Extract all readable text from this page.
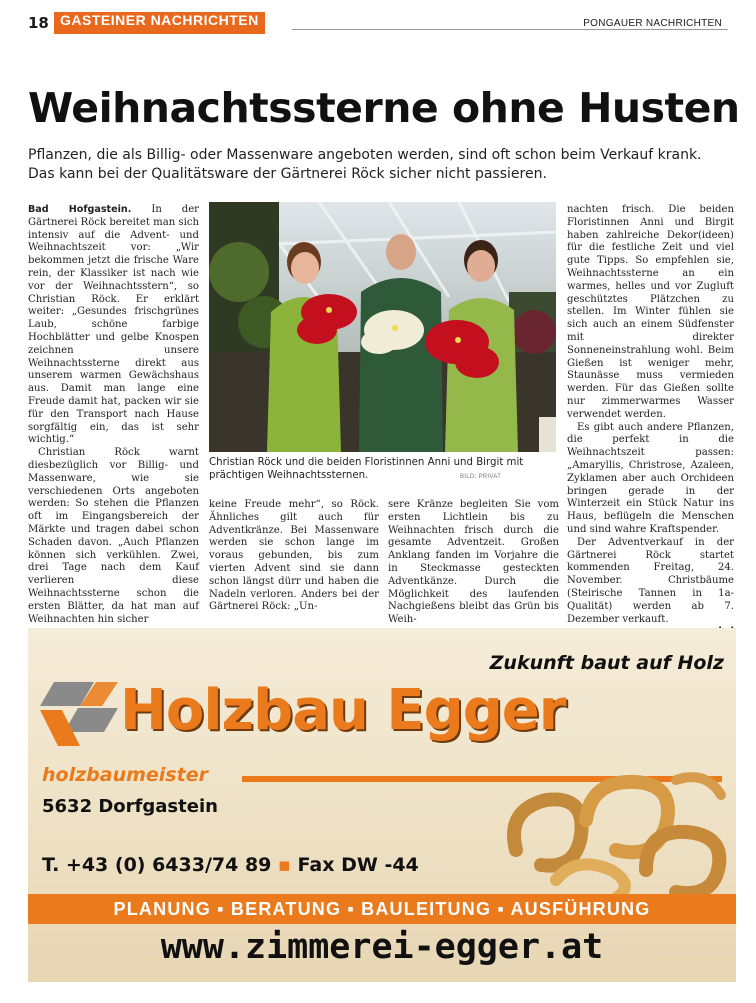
18 GASTEINER NACHRICHTEN	PONGAUER NACHRICHTEN
Weihnachtssterne ohne Husten
Pflanzen, die als Billig- oder Massenware angeboten werden, sind oft schon beim Verkauf krank.
Das kann bei der Qualitätsware der Gärtnerei Röck sicher nicht passieren.

Bad Hofgastein. In der Gärtnerei Röck bereitet man sich intensiv auf die Advent- und Weihnachtszeit vor: „Wir bekommen jetzt die frische Ware rein, der Klassiker ist nach wie vor der Weihnachtsstern“, so Christian Röck. Er erklärt weiter: „Gesundes frischgrünes Laub, schöne farbige Hochblätter und gelbe Knospen zeichnen unsere Weihnachtssterne direkt aus unserem warmen Gewächshaus aus. Damit man lange eine Freude damit hat, packen wir sie für den Transport nach Hause sorgfältig ein, das ist sehr wichtig.“

Christian Röck warnt diesbezüglich vor Billig- und Massenware, wie sie verschiedenen Orts angeboten werden: So stehen die Pflanzen oft im Eingangsbereich der Märkte und tragen dabei schon Schaden davon. „Auch Pflanzen können sich verkühlen. Zwei, drei Tage nach dem Kauf verlieren diese Weihnachtssterne schon die ersten Blätter, da hat man auf Weihnachten hin sicher

Christian Röck und die beiden Floristinnen Anni und Birgit mit prächtigen Weihnachtssternen.	BILD: PRIVAT

keine Freude mehr“, so Röck. Ähnliches gilt auch für Adventkränze. Bei Massenware werden sie schon lange im voraus gebunden, bis zum vierten Advent sind sie dann schon längst dürr und haben die Nadeln verloren. Anders bei der Gärtnerei Röck: „Un-

sere Kränze begleiten Sie vom ersten Lichtlein bis zu Weihnachten frisch durch die gesamte Adventzeit. Großen Anklang fanden im Vorjahre die in Steckmasse gesteckten Adventkänze. Durch die Möglichkeit des laufenden Nachgießens bleibt das Grün bis Weih-

nachten frisch. Die beiden Floristinnen Anni und Birgit haben zahlreiche Dekor(ideen) für die festliche Zeit und viel gute Tipps. So empfehlen sie, Weihnachtssterne an ein warmes, helles und vor Zugluft geschütztes Plätzchen zu stellen. Im Winter fühlen sie sich auch an einem Südfenster mit direkter Sonneneinstrahlung wohl. Beim Gießen ist weniger mehr, Staunässe muss vermieden werden. Für das Gießen sollte nur zimmerwarmes Wasser verwendet werden.

Es gibt auch andere Pflanzen, die perfekt in die Weihnachtszeit passen: „Amaryllis, Christrose, Azaleen, Zyklamen aber auch Orchideen bringen gerade in der Winterzeit ein Stück Natur ins Haus, beflügeln die Menschen und sind wahre Kraftspender.

Der Adventverkauf in der Gärtnerei Röck startet kommenden Freitag, 24. November. Christbäume (Steirische Tannen in 1a-Qualität) werden ab 7. Dezember verkauft.

Zukunft baut auf Holz
Holzbau Egger
holzbaumeister
5632 Dorfgastein
T. +43 (0) 6433/74 89 ▪ Fax DW -44
PLANUNG ▪ BERATUNG ▪ BAULEITUNG ▪ AUSFÜHRUNG
www.zimmerei-egger.at
